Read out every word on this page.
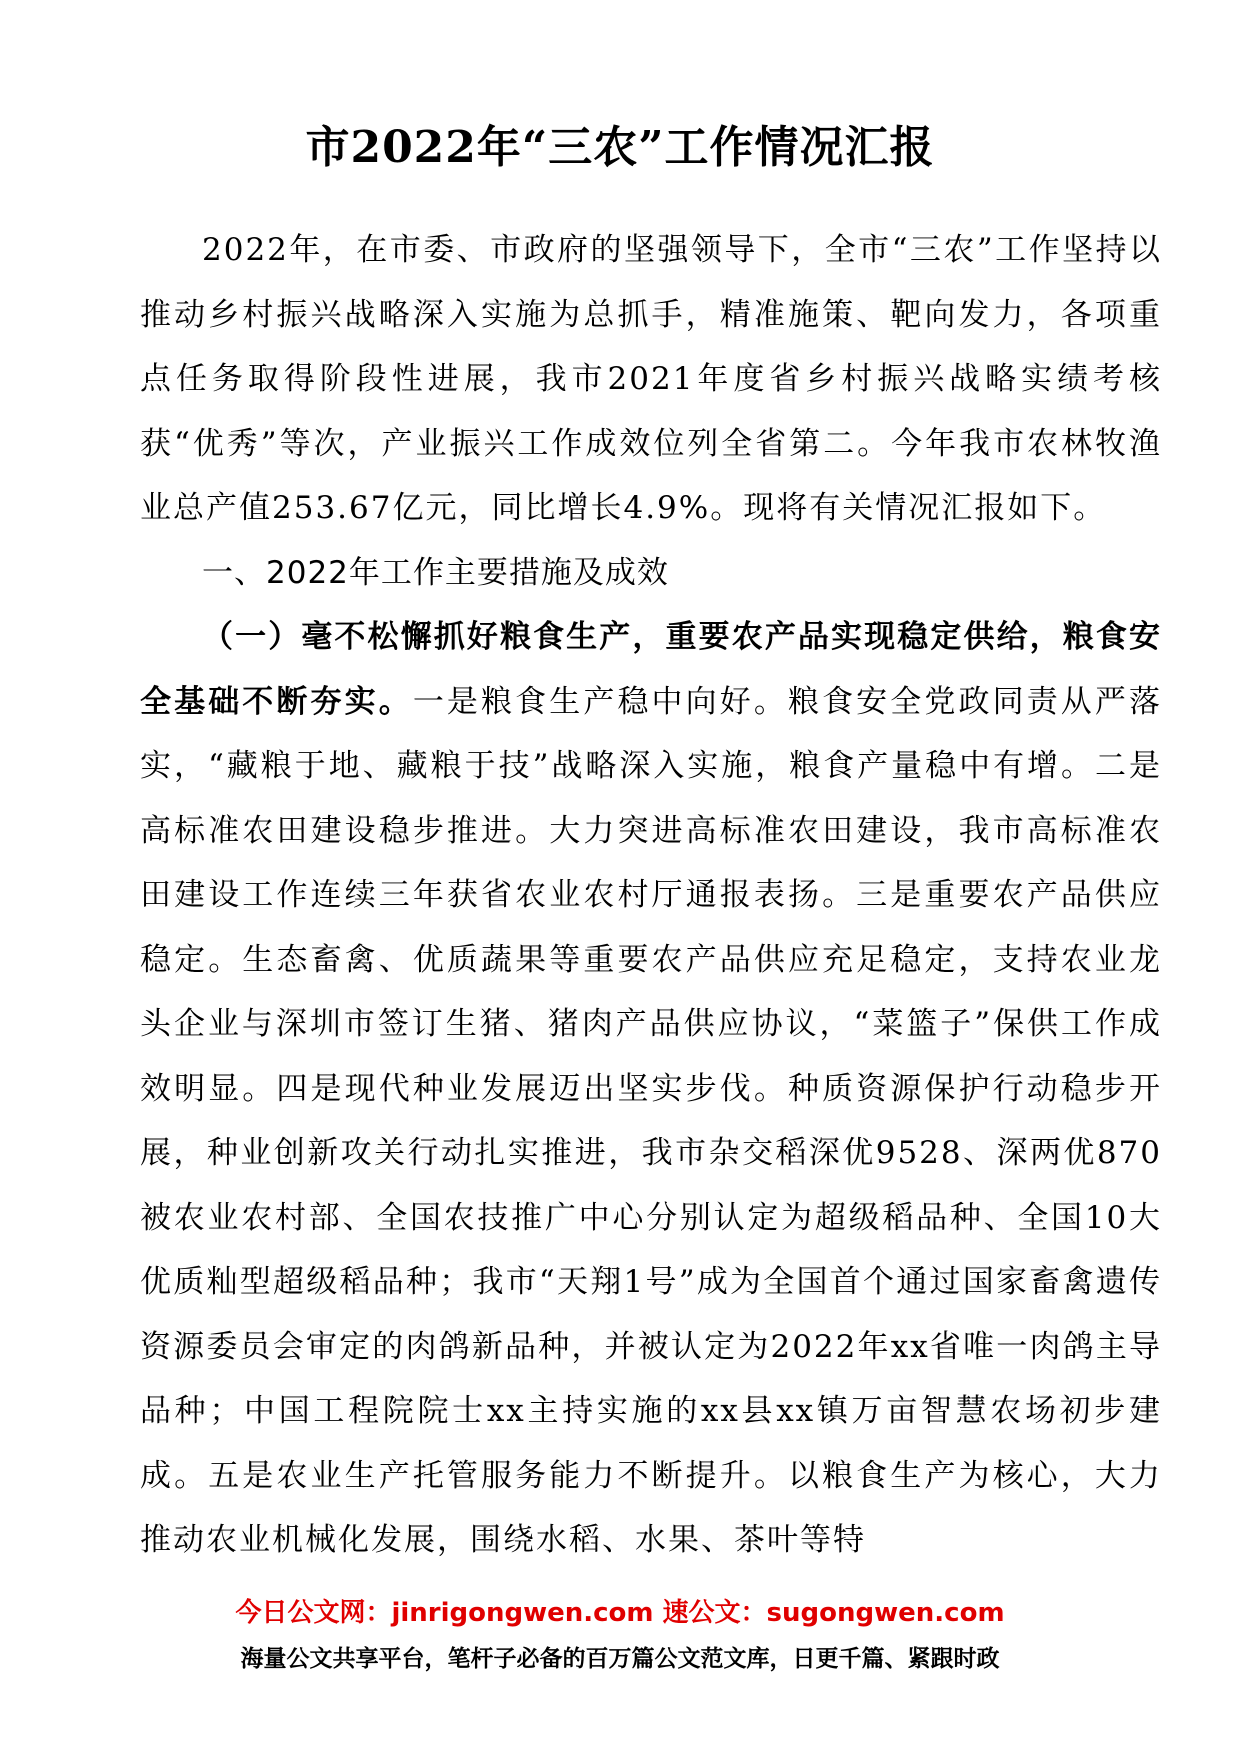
市2022年“三农”工作情况汇报

2022年，在市委、市政府的坚强领导下，全市“三农”工作坚持以推动乡村振兴战略深入实施为总抓手，精准施策、靶向发力，各项重点任务取得阶段性进展，我市2021年度省乡村振兴战略实绩考核获“优秀”等次，产业振兴工作成效位列全省第二。今年我市农林牧渔业总产值253.67亿元，同比增长4.9%。现将有关情况汇报如下。

一、2022年工作主要措施及成效

（一）毫不松懈抓好粮食生产，重要农产品实现稳定供给，粮食安全基础不断夯实。一是粮食生产稳中向好。粮食安全党政同责从严落实，“藏粮于地、藏粮于技”战略深入实施，粮食产量稳中有增。二是高标准农田建设稳步推进。大力突进高标准农田建设，我市高标准农田建设工作连续三年获省农业农村厅通报表扬。三是重要农产品供应稳定。生态畜禽、优质蔬果等重要农产品供应充足稳定，支持农业龙头企业与深圳市签订生猪、猪肉产品供应协议，“菜篮子”保供工作成效明显。四是现代种业发展迈出坚实步伐。种质资源保护行动稳步开展，种业创新攻关行动扎实推进，我市杂交稻深优9528、深两优870被农业农村部、全国农技推广中心分别认定为超级稻品种、全国10大优质籼型超级稻品种；我市“天翔1号”成为全国首个通过国家畜禽遗传资源委员会审定的肉鸽新品种，并被认定为2022年xx省唯一肉鸽主导品种；中国工程院院士xx主持实施的xx县xx镇万亩智慧农场初步建成。五是农业生产托管服务能力不断提升。以粮食生产为核心，大力推动农业机械化发展，围绕水稻、水果、茶叶等特

今日公文网：jinrigongwen.com 速公文：sugongwen.com
海量公文共享平台，笔杆子必备的百万篇公文范文库，日更千篇、紧跟时政
